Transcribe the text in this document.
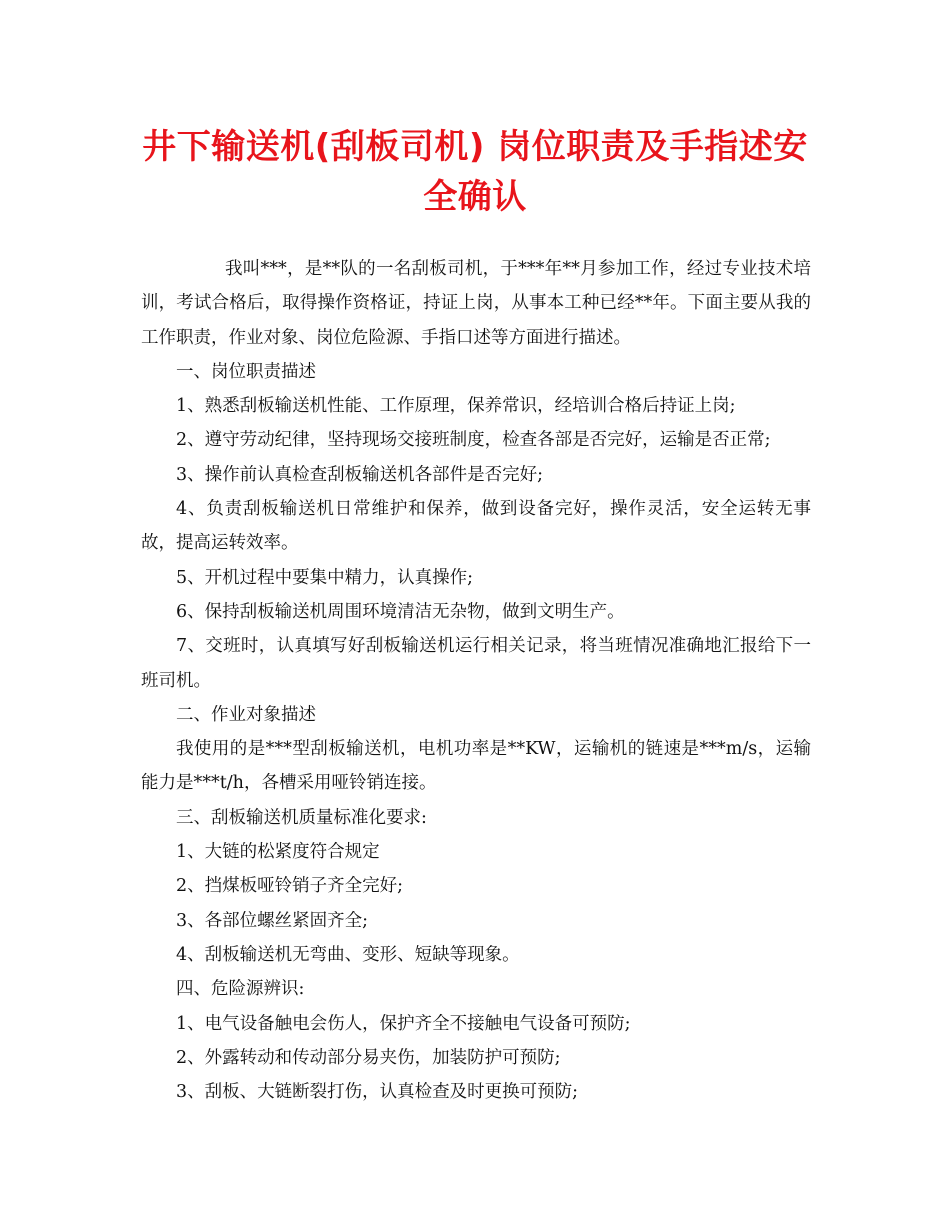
井下输送机(刮板司机) 岗位职责及手指述安
全确认

我叫***，是**队的一名刮板司机，于***年**月参加工作，经过专业技术培训，考试合格后，取得操作资格证，持证上岗，从事本工种已经**年。下面主要从我的工作职责，作业对象、岗位危险源、手指口述等方面进行描述。

一、岗位职责描述

1、熟悉刮板输送机性能、工作原理，保养常识，经培训合格后持证上岗;

2、遵守劳动纪律，坚持现场交接班制度，检查各部是否完好，运输是否正常;

3、操作前认真检查刮板输送机各部件是否完好;

4、负责刮板输送机日常维护和保养，做到设备完好，操作灵活，安全运转无事故，提高运转效率。

5、开机过程中要集中精力，认真操作;

6、保持刮板输送机周围环境清洁无杂物，做到文明生产。

7、交班时，认真填写好刮板输送机运行相关记录，将当班情况准确地汇报给下一班司机。

二、作业对象描述

我使用的是***型刮板输送机，电机功率是**KW，运输机的链速是***m/s，运输能力是***t/h，各槽采用哑铃销连接。

三、刮板输送机质量标准化要求:

1、大链的松紧度符合规定

2、挡煤板哑铃销子齐全完好;

3、各部位螺丝紧固齐全;

4、刮板输送机无弯曲、变形、短缺等现象。

四、危险源辨识:

1、电气设备触电会伤人，保护齐全不接触电气设备可预防;

2、外露转动和传动部分易夹伤，加装防护可预防;

3、刮板、大链断裂打伤，认真检查及时更换可预防;
